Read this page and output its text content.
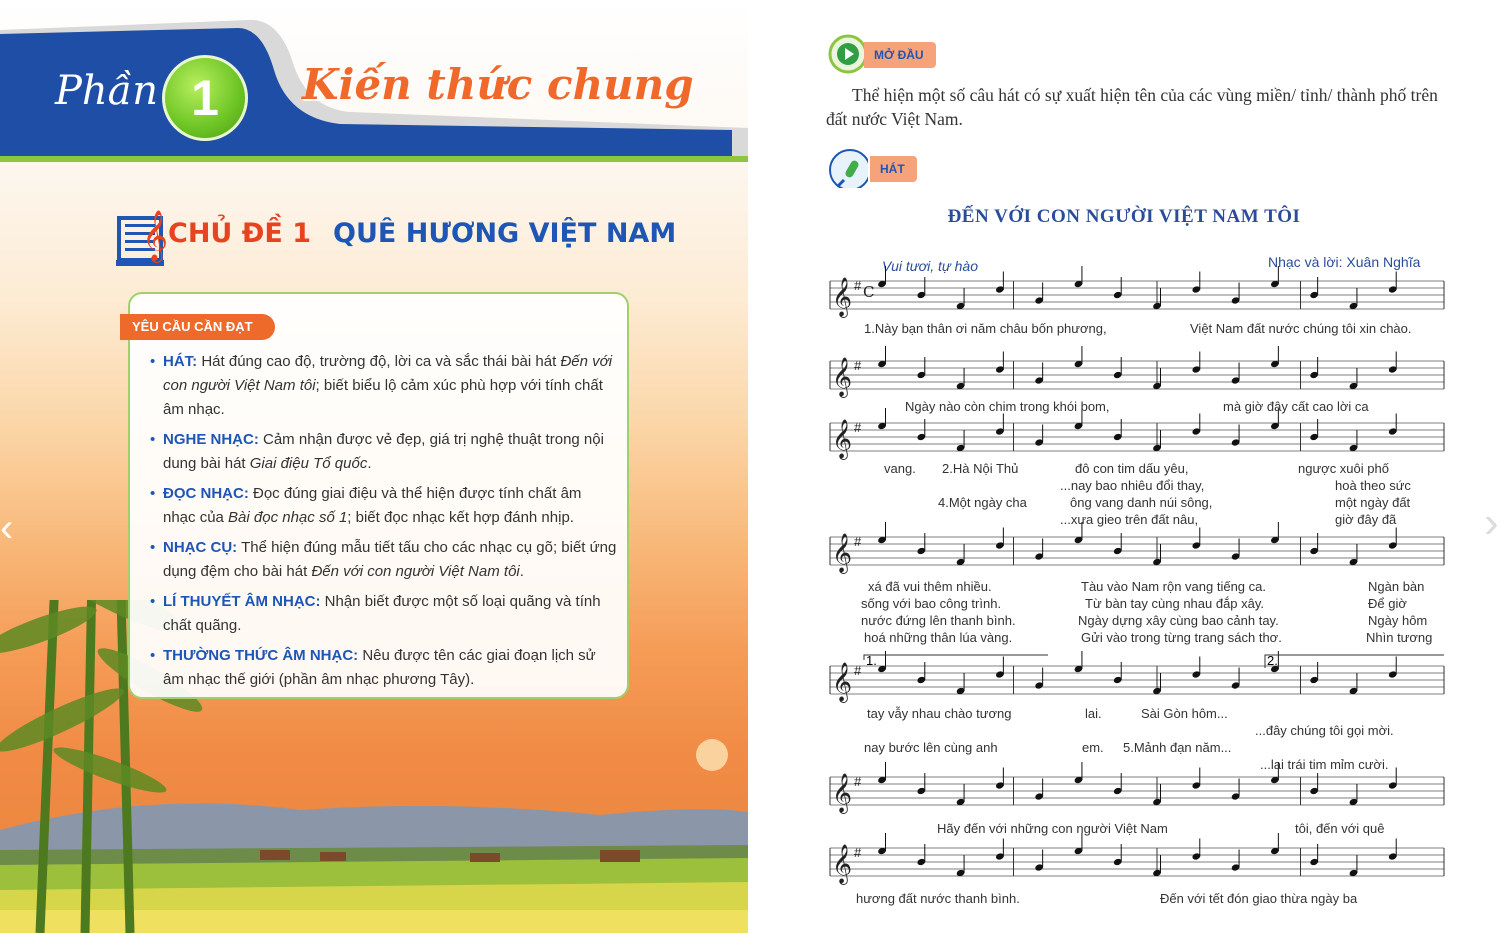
Phần 1	Kiến thức chung
𝄞 CHỦ ĐỀ 1 QUÊ HƯƠNG VIỆT NAM
YÊU CẦU CẦN ĐẠT
• HÁT: Hát đúng cao độ, trường độ, lời ca và sắc thái bài hát Đến với con người Việt Nam tôi; biết biểu lộ cảm xúc phù hợp với tính chất âm nhạc.
• NGHE NHẠC: Cảm nhận được vẻ đẹp, giá trị nghệ thuật trong nội dung bài hát Giai điệu Tổ quốc.
• ĐỌC NHẠC: Đọc đúng giai điệu và thể hiện được tính chất âm nhạc của Bài đọc nhạc số 1; biết đọc nhạc kết hợp đánh nhịp.
• NHẠC CỤ: Thể hiện đúng mẫu tiết tấu cho các nhạc cụ gõ; biết ứng dụng đệm cho bài hát Đến với con người Việt Nam tôi.
• LÍ THUYẾT ÂM NHẠC: Nhận biết được một số loại quãng và tính chất quãng.
• THƯỜNG THỨC ÂM NHẠC: Nêu được tên các giai đoạn lịch sử âm nhạc thế giới (phần âm nhạc phương Tây).
MỞ ĐẦU
Thể hiện một số câu hát có sự xuất hiện tên của các vùng miền/ tỉnh/ thành phố trên đất nước Việt Nam.
HÁT
ĐẾN VỚI CON NGƯỜI VIỆT NAM TÔI
Vui tươi, tự hào	Nhạc và lời: Xuân Nghĩa
𝄞 #
𝄞 #
𝄞 #
𝄞 #
𝄞 #
𝄞 #
𝄞 #
C
1.Này bạn thân ơi năm châu bốn phương,	Việt Nam đất nước chúng tôi xin chào.
Ngày nào còn chim trong khói bom,	mà giờ đây cất cao lời ca
vang. 2.Hà Nội Thủ	đô con tim dấu yêu,	ngược xuôi phố
...nay bao nhiêu đổi thay,	hoà theo sức
4.Một ngày cha	ông vang danh núi sông,	một ngày đất
...xưa gieo trên đất nâu,	giờ đây đã
xá đã vui thêm nhiều.	Tàu vào Nam rộn vang tiếng ca.	Ngàn bàn
sống với bao công trình.	Từ bàn tay cùng nhau đắp xây.	Để giờ
nước đứng lên thanh bình.	Ngày dựng xây cùng bao cảnh tay.	Ngày hôm
hoá những thân lúa vàng.	Gửi vào trong từng trang sách thơ.	Nhìn tương
tay vẫy nhau chào tương	lai.	Sài Gòn hôm...
...đây chúng tôi gọi mời.
nay bước lên cùng anh	em. 5.Mảnh đạn năm...
...lai trái tim mỉm cười.
Hãy đến với những con người Việt Nam	tôi, đến với quê
hương đất nước thanh bình.	Đến với tết đón giao thừa ngày ba
1.	2.
‹	›
